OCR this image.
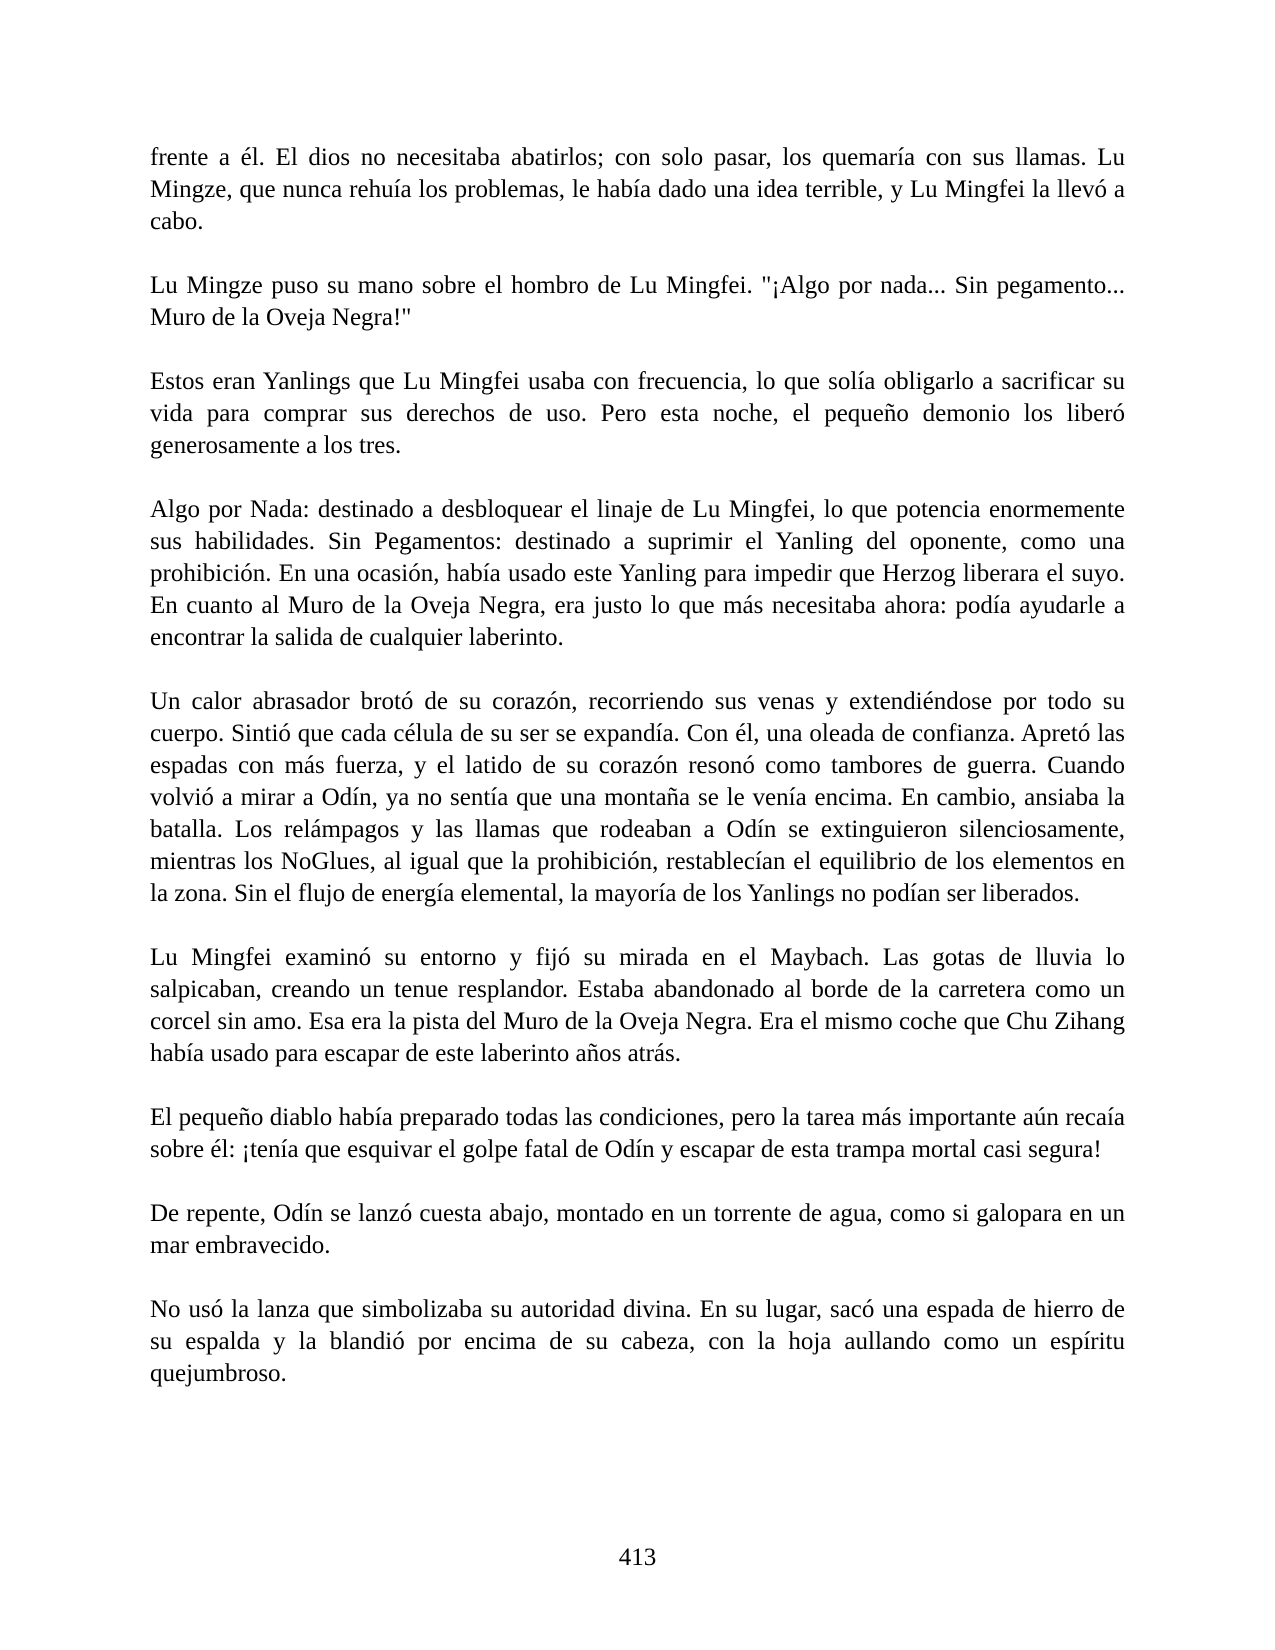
frente a él. El dios no necesitaba abatirlos; con solo pasar, los quemaría con sus llamas. Lu Mingze, que nunca rehuía los problemas, le había dado una idea terrible, y Lu Mingfei la llevó a cabo.

Lu Mingze puso su mano sobre el hombro de Lu Mingfei. "¡Algo por nada... Sin pegamento... Muro de la Oveja Negra!"

Estos eran Yanlings que Lu Mingfei usaba con frecuencia, lo que solía obligarlo a sacrificar su vida para comprar sus derechos de uso. Pero esta noche, el pequeño demonio los liberó generosamente a los tres.

Algo por Nada: destinado a desbloquear el linaje de Lu Mingfei, lo que potencia enormemente sus habilidades. Sin Pegamentos: destinado a suprimir el Yanling del oponente, como una prohibición. En una ocasión, había usado este Yanling para impedir que Herzog liberara el suyo. En cuanto al Muro de la Oveja Negra, era justo lo que más necesitaba ahora: podía ayudarle a encontrar la salida de cualquier laberinto.

Un calor abrasador brotó de su corazón, recorriendo sus venas y extendiéndose por todo su cuerpo. Sintió que cada célula de su ser se expandía. Con él, una oleada de confianza. Apretó las espadas con más fuerza, y el latido de su corazón resonó como tambores de guerra. Cuando volvió a mirar a Odín, ya no sentía que una montaña se le venía encima. En cambio, ansiaba la batalla. Los relámpagos y las llamas que rodeaban a Odín se extinguieron silenciosamente, mientras los NoGlues, al igual que la prohibición, restablecían el equilibrio de los elementos en la zona. Sin el flujo de energía elemental, la mayoría de los Yanlings no podían ser liberados.

Lu Mingfei examinó su entorno y fijó su mirada en el Maybach. Las gotas de lluvia lo salpicaban, creando un tenue resplandor. Estaba abandonado al borde de la carretera como un corcel sin amo. Esa era la pista del Muro de la Oveja Negra. Era el mismo coche que Chu Zihang había usado para escapar de este laberinto años atrás.

El pequeño diablo había preparado todas las condiciones, pero la tarea más importante aún recaía sobre él: ¡tenía que esquivar el golpe fatal de Odín y escapar de esta trampa mortal casi segura!

De repente, Odín se lanzó cuesta abajo, montado en un torrente de agua, como si galopara en un mar embravecido.

No usó la lanza que simbolizaba su autoridad divina. En su lugar, sacó una espada de hierro de su espalda y la blandió por encima de su cabeza, con la hoja aullando como un espíritu quejumbroso.

413
